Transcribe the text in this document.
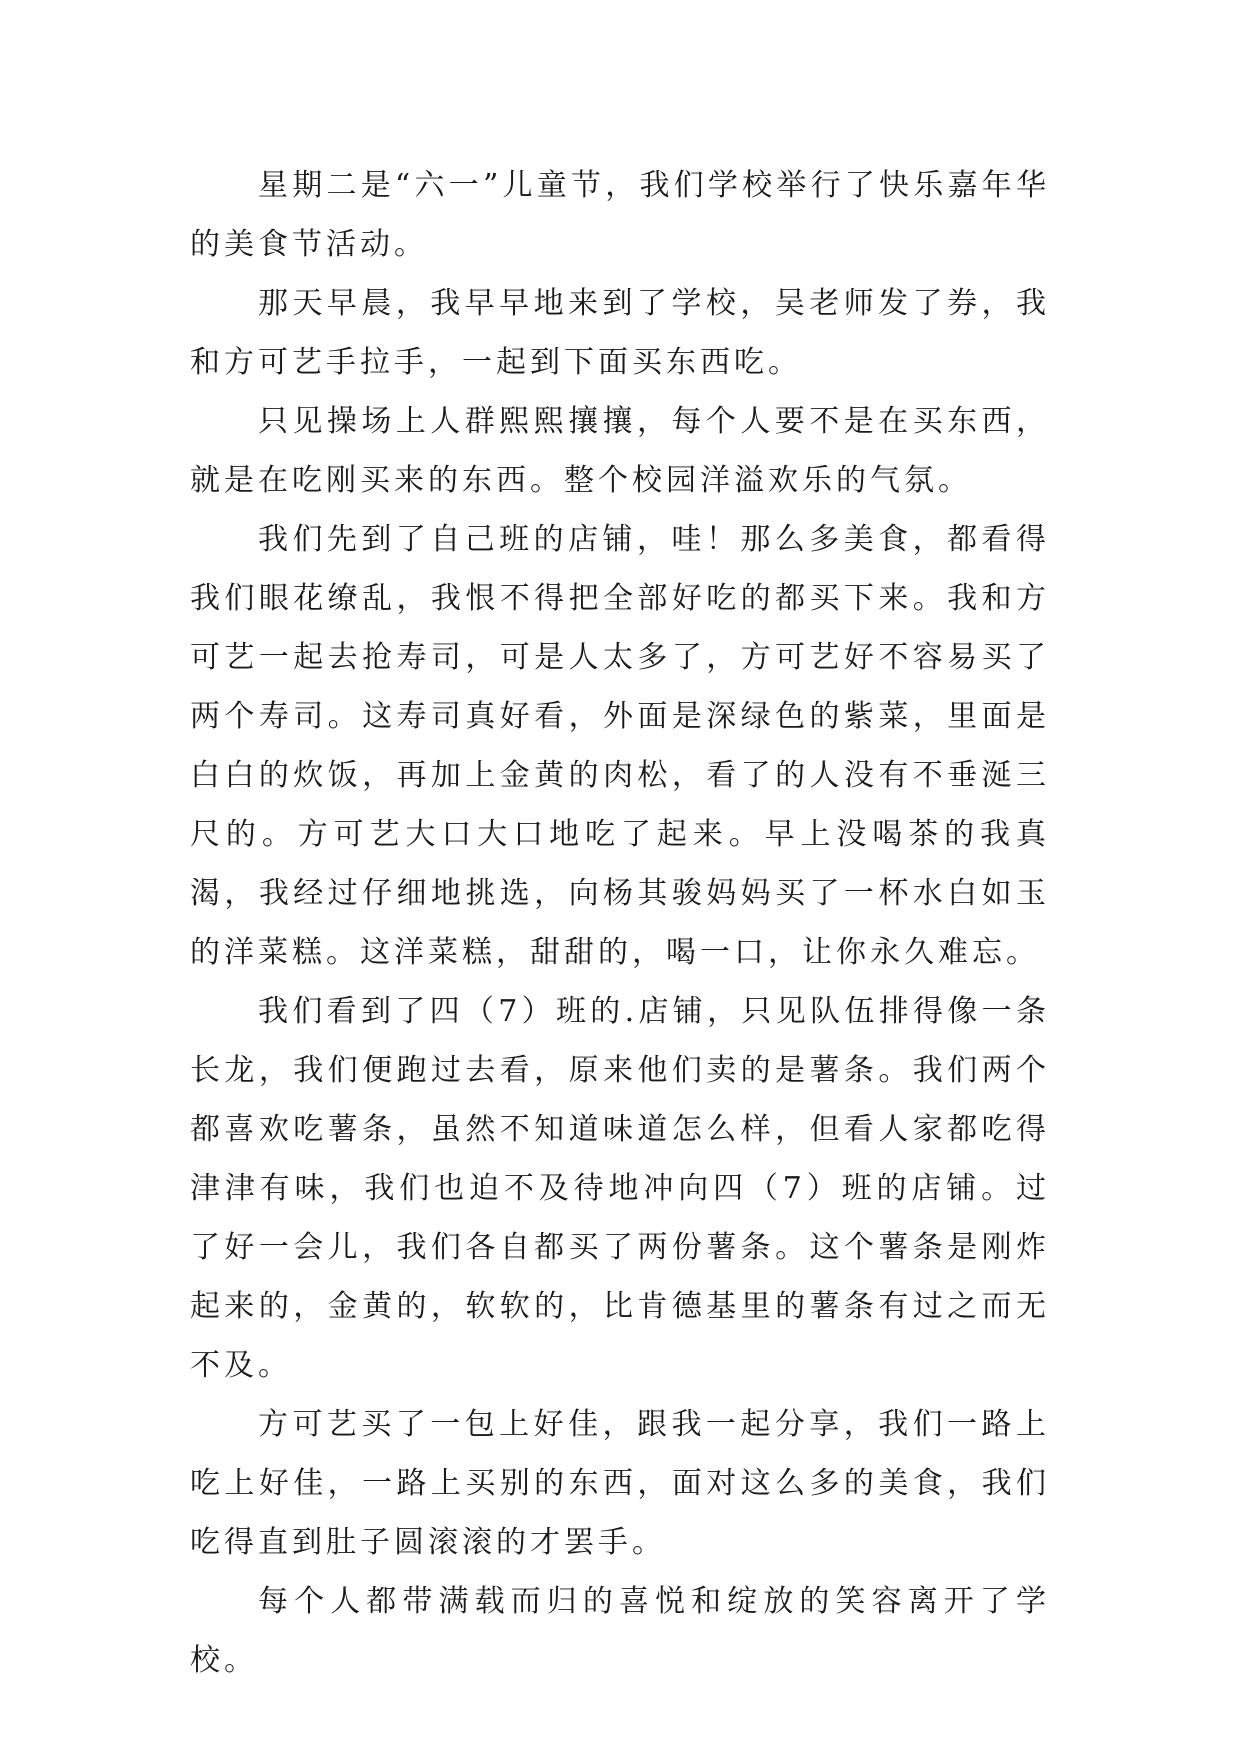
星期二是“六一”儿童节，我们学校举行了快乐嘉年华的美食节活动。

那天早晨，我早早地来到了学校，吴老师发了券，我和方可艺手拉手，一起到下面买东西吃。

只见操场上人群熙熙攘攘，每个人要不是在买东西，就是在吃刚买来的东西。整个校园洋溢欢乐的气氛。

我们先到了自己班的店铺，哇！那么多美食，都看得我们眼花缭乱，我恨不得把全部好吃的都买下来。我和方可艺一起去抢寿司，可是人太多了，方可艺好不容易买了两个寿司。这寿司真好看，外面是深绿色的紫菜，里面是白白的炊饭，再加上金黄的肉松，看了的人没有不垂涎三尺的。方可艺大口大口地吃了起来。早上没喝茶的我真渴，我经过仔细地挑选，向杨其骏妈妈买了一杯水白如玉的洋菜糕。这洋菜糕，甜甜的，喝一口，让你永久难忘。

我们看到了四（7）班的.店铺，只见队伍排得像一条长龙，我们便跑过去看，原来他们卖的是薯条。我们两个都喜欢吃薯条，虽然不知道味道怎么样，但看人家都吃得津津有味，我们也迫不及待地冲向四（7）班的店铺。过了好一会儿，我们各自都买了两份薯条。这个薯条是刚炸起来的，金黄的，软软的，比肯德基里的薯条有过之而无不及。

方可艺买了一包上好佳，跟我一起分享，我们一路上吃上好佳，一路上买别的东西，面对这么多的美食，我们吃得直到肚子圆滚滚的才罢手。

每个人都带满载而归的喜悦和绽放的笑容离开了学校。
